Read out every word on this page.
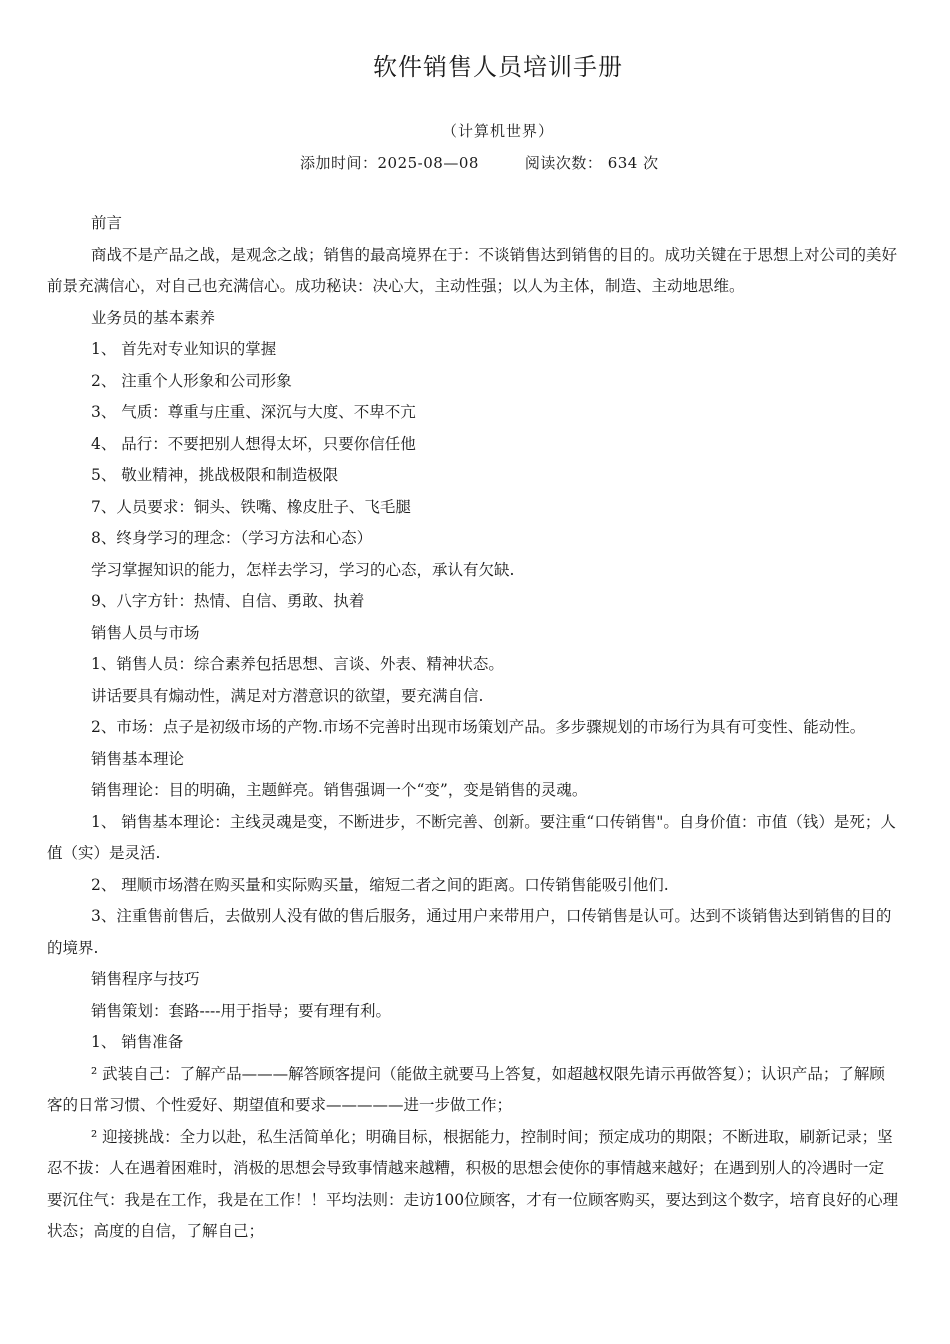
软件销售人员培训手册
（计算机世界）
添加时间：2025-08—08	阅读次数： 634 次

前言

商战不是产品之战，是观念之战；销售的最高境界在于：不谈销售达到销售的目的。成功关键在于思想上对公司的美好前景充满信心，对自己也充满信心。成功秘诀：决心大，主动性强；以人为主体，制造、主动地思维。

业务员的基本素养

1、 首先对专业知识的掌握

2、 注重个人形象和公司形象

3、 气质：尊重与庄重、深沉与大度、不卑不亢

4、 品行：不要把别人想得太坏，只要你信任他

5、 敬业精神，挑战极限和制造极限

7、人员要求：铜头、铁嘴、橡皮肚子、飞毛腿

8、终身学习的理念：（学习方法和心态）

学习掌握知识的能力，怎样去学习，学习的心态，承认有欠缺.

9、八字方针：热情、自信、勇敢、执着

销售人员与市场

1、销售人员：综合素养包括思想、言谈、外表、精神状态。

讲话要具有煽动性，满足对方潜意识的欲望，要充满自信.

2、市场：点子是初级市场的产物.市场不完善时出现市场策划产品。多步骤规划的市场行为具有可变性、能动性。

销售基本理论

销售理论：目的明确，主题鲜亮。销售强调一个“变”，变是销售的灵魂。

1、 销售基本理论：主线灵魂是变，不断进步，不断完善、创新。要注重“口传销售"。自身价值：市值（钱）是死；人值（实）是灵活.

2、 理顺市场潜在购买量和实际购买量，缩短二者之间的距离。口传销售能吸引他们.

3、注重售前售后，去做别人没有做的售后服务，通过用户来带用户，口传销售是认可。达到不谈销售达到销售的目的的境界.

销售程序与技巧

销售策划：套路----用于指导；要有理有利。

1、 销售准备

² 武装自己：了解产品———解答顾客提问（能做主就要马上答复，如超越权限先请示再做答复）；认识产品；了解顾客的日常习惯、个性爱好、期望值和要求—————进一步做工作；

² 迎接挑战：全力以赴，私生活简单化；明确目标，根据能力，控制时间；预定成功的期限；不断进取，刷新记录；坚忍不拔：人在遇着困难时，消极的思想会导致事情越来越糟，积极的思想会使你的事情越来越好；在遇到别人的冷遇时一定要沉住气：我是在工作，我是在工作！！平均法则：走访100位顾客，才有一位顾客购买，要达到这个数字，培育良好的心理状态；高度的自信，了解自己；
